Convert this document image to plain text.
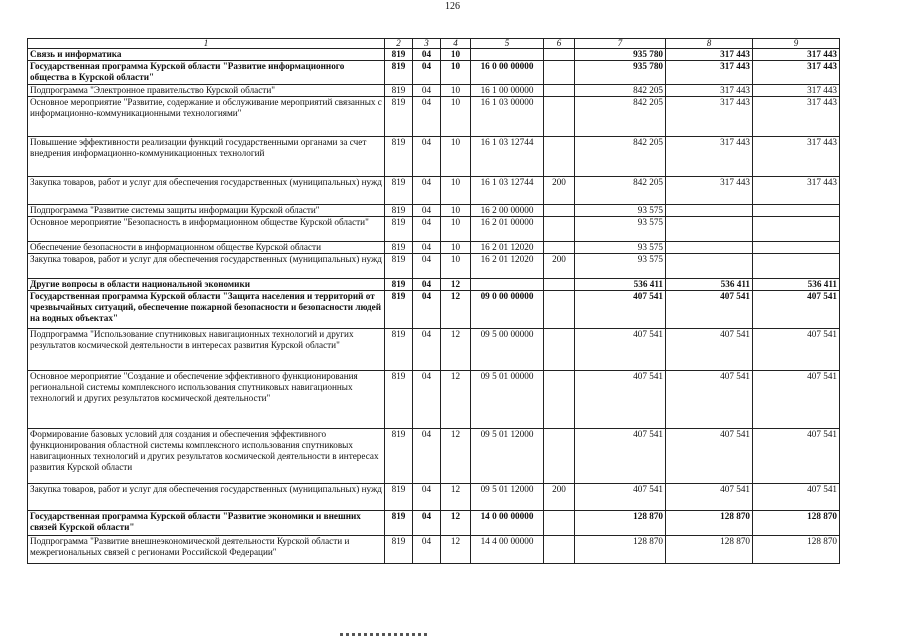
126
1	2	3	4	5	6	7	8	9
Связь и информатика	819	04	10			935 780	317 443	317 443
Государственная программа Курской области "Развитие информационного общества в Курской области"	819	04	10	16 0 00 00000		935 780	317 443	317 443
Подпрограмма "Электронное правительство Курской области"	819	04	10	16 1 00 00000		842 205	317 443	317 443
Основное мероприятие "Развитие, содержание и обслуживание мероприятий связанных с информационно-коммуникационными технологиями"	819	04	10	16 1 03 00000		842 205	317 443	317 443
Повышение эффективности реализации функций государственными органами за счет внедрения информационно-коммуникационных технологий	819	04	10	16 1 03 12744		842 205	317 443	317 443
Закупка товаров, работ и услуг для обеспечения государственных (муниципальных) нужд	819	04	10	16 1 03 12744	200	842 205	317 443	317 443
Подпрограмма "Развитие системы защиты информации Курской области"	819	04	10	16 2 00 00000		93 575		
Основное мероприятие "Безопасность в информационном обществе Курской области"	819	04	10	16 2 01 00000		93 575		
Обеспечение безопасности в информационном обществе Курской области	819	04	10	16 2 01 12020		93 575		
Закупка товаров, работ и услуг для обеспечения государственных (муниципальных) нужд	819	04	10	16 2 01 12020	200	93 575		
Другие вопросы в области национальной экономики	819	04	12			536 411	536 411	536 411
Государственная программа Курской области "Защита населения и территорий от чрезвычайных ситуаций, обеспечение пожарной безопасности и безопасности людей на водных объектах"	819	04	12	09 0 00 00000		407 541	407 541	407 541
Подпрограмма "Использование спутниковых навигационных технологий и других результатов космической деятельности в интересах развития Курской области"	819	04	12	09 5 00 00000		407 541	407 541	407 541
Основное мероприятие "Создание и обеспечение эффективного функционирования региональной системы комплексного использования спутниковых навигационных технологий и других результатов космической деятельности"	819	04	12	09 5 01 00000		407 541	407 541	407 541
Формирование базовых условий для создания и обеспечения эффективного функционирования областной системы комплексного использования спутниковых навигационных технологий и других результатов космической деятельности в интересах развития Курской области	819	04	12	09 5 01 12000		407 541	407 541	407 541
Закупка товаров, работ и услуг для обеспечения государственных (муниципальных) нужд	819	04	12	09 5 01 12000	200	407 541	407 541	407 541
Государственная программа Курской области "Развитие экономики и внешних связей Курской области"	819	04	12	14 0 00 00000		128 870	128 870	128 870
Подпрограмма "Развитие внешнеэкономической деятельности Курской области и межрегиональных связей с регионами Российской Федерации"	819	04	12	14 4 00 00000		128 870	128 870	128 870
